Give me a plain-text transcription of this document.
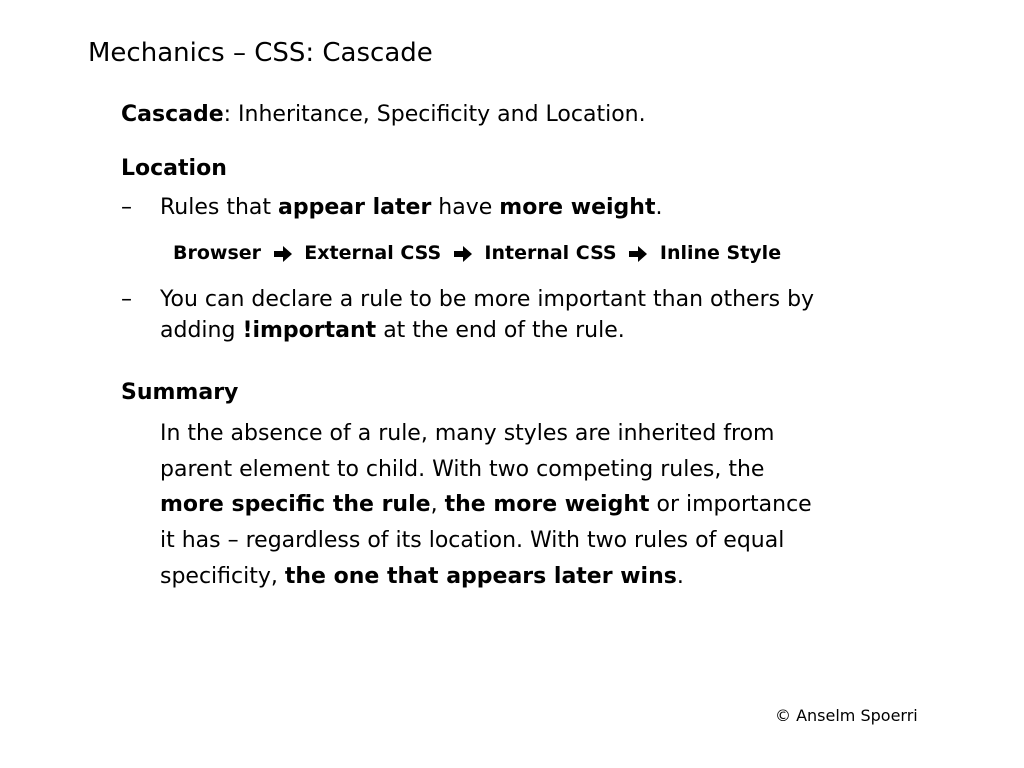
Mechanics – CSS: Cascade
Cascade: Inheritance, Specificity and Location.
Location
– Rules that appear later have more weight.
Browser External CSS Internal CSS Inline Style
– You can declare a rule to be more important than others by
adding !important at the end of the rule.
Summary
In the absence of a rule, many styles are inherited from
parent element to child. With two competing rules, the
more specific the rule, the more weight or importance
it has – regardless of its location. With two rules of equal
specificity, the one that appears later wins.
© Anselm Spoerri
